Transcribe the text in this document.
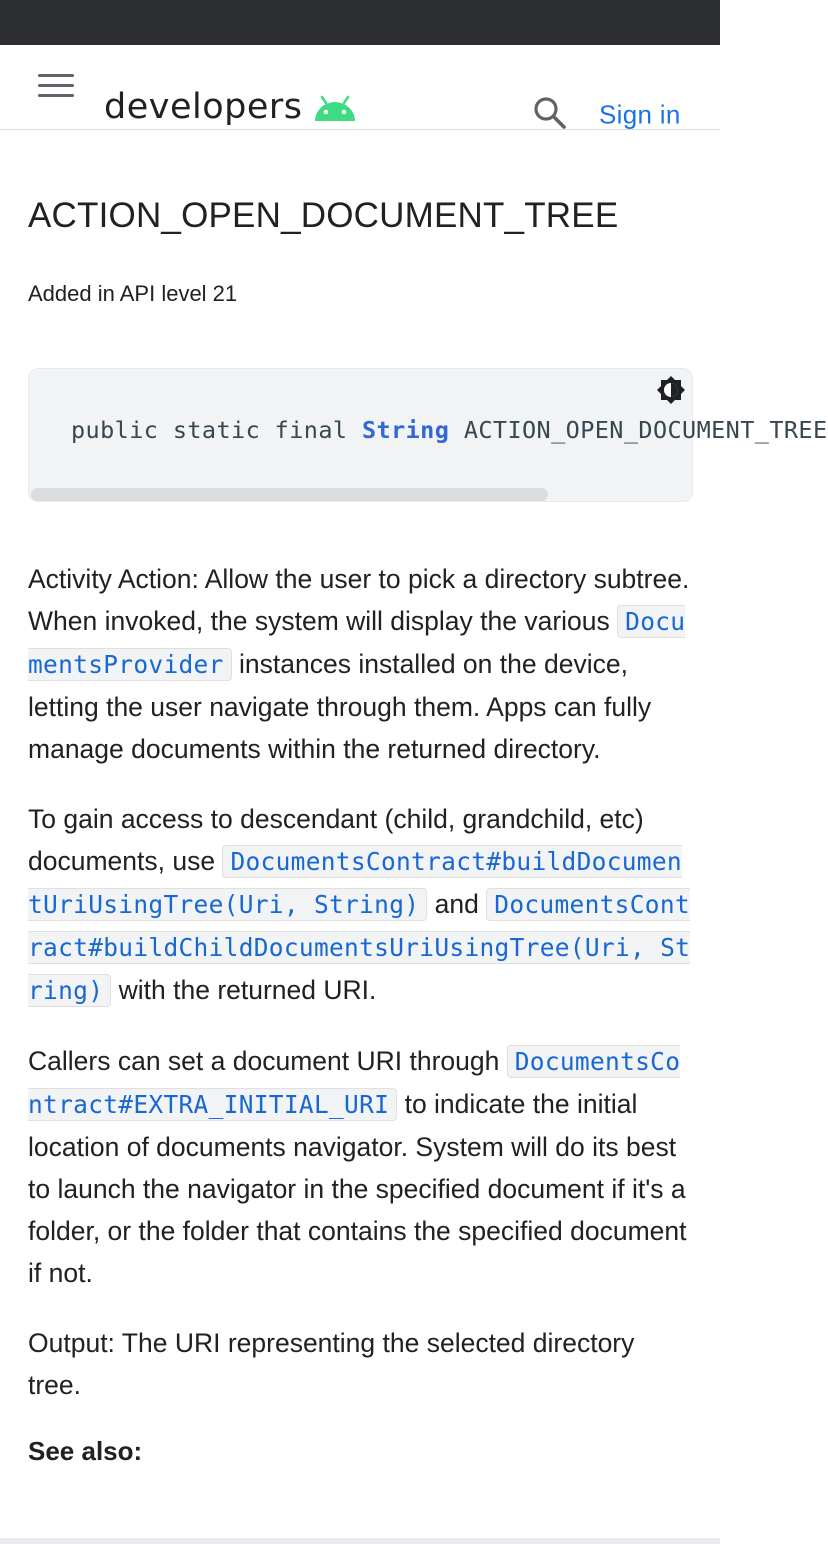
developers	Sign in
ACTION_OPEN_DOCUMENT_TREE
Added in API level 21
public static final String ACTION_OPEN_DOCUMENT_TREE

Activity Action: Allow the user to pick a directory subtree. When invoked, the system will display the various DocumentsProvider instances installed on the device, letting the user navigate through them. Apps can fully manage documents within the returned directory.

To gain access to descendant (child, grandchild, etc) documents, use DocumentsContract#buildDocumentUriUsingTree(Uri, String) and DocumentsContract#buildChildDocumentsUriUsingTree(Uri, String) with the returned URI.

Callers can set a document URI through DocumentsContract#EXTRA_INITIAL_URI to indicate the initial location of documents navigator. System will do its best to launch the navigator in the specified document if it's a folder, or the folder that contains the specified document if not.

Output: The URI representing the selected directory tree.

See also:
